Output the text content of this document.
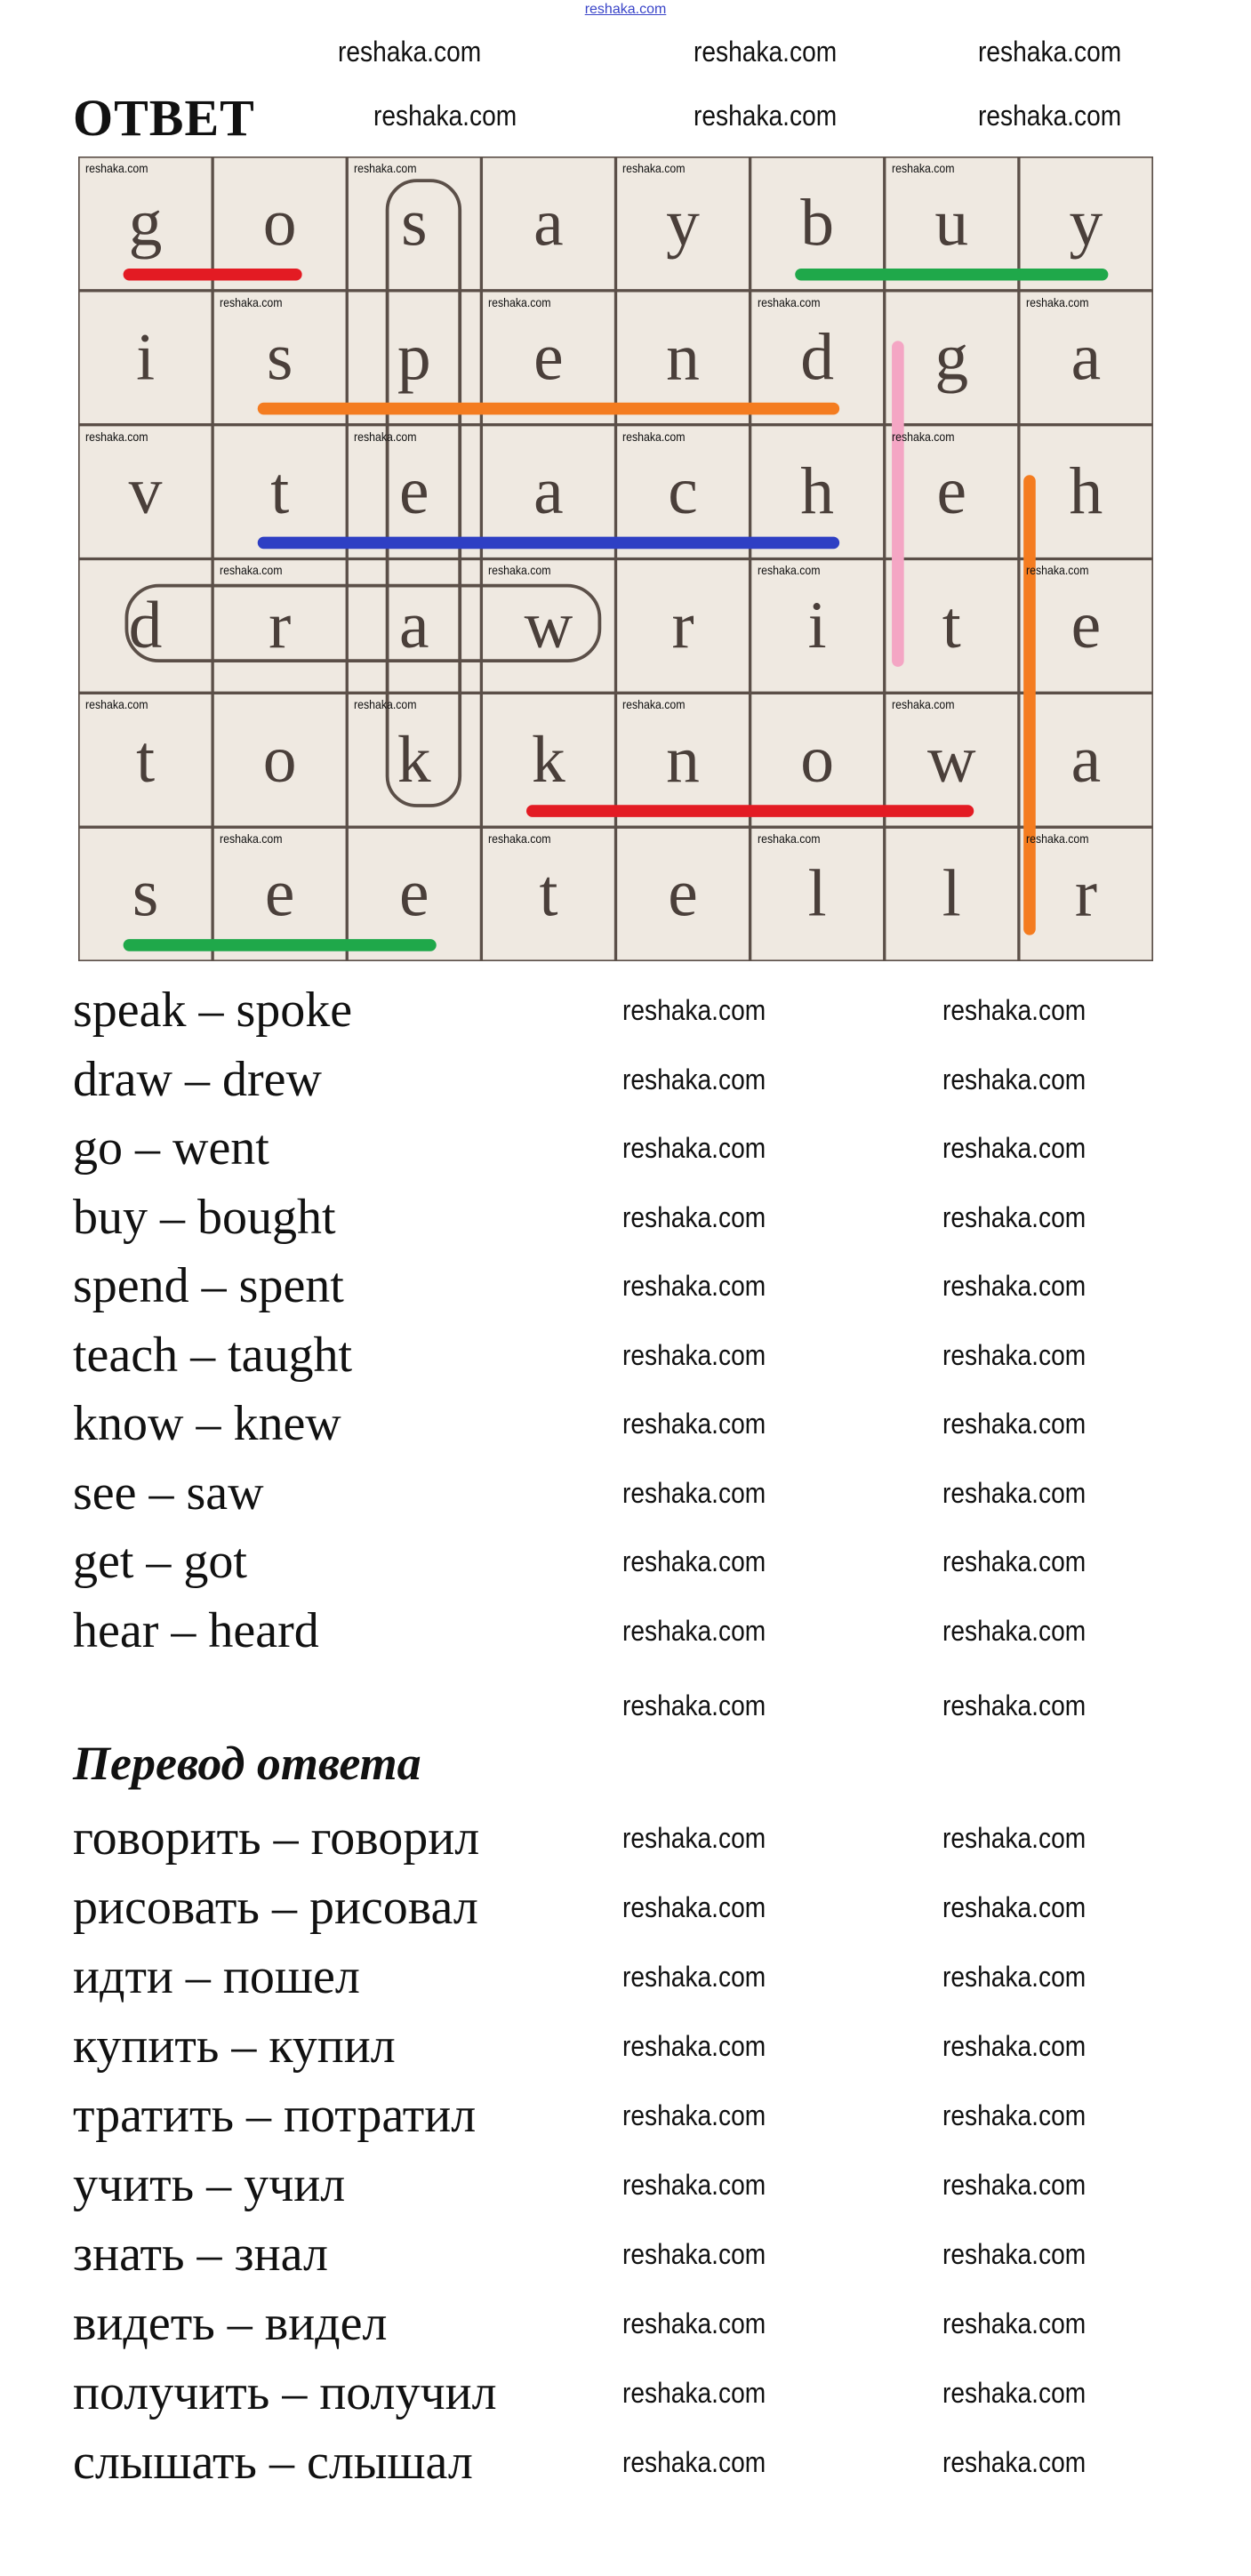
reshaka.com
ОТВЕТ
g o s a y b u y
i	s p e n d g a
v t e a c h e h
d r a w r	i	t e
t o k k n o w a
s e e t e l	l	r
speak – spoke
draw – drew
go – went
buy – bought
spend – spent
teach – taught
know – knew
see – saw
get – got
hear – heard
Перевод ответа
говорить – говорил
рисовать – рисовал
идти – пошел
купить – купил
тратить – потратил
учить – учил
знать – знал
видеть – видел
получить – получил
слышать – слышал
reshaka.com	reshaka.com	reshaka.com
reshaka.com	reshaka.com	reshaka.com
reshaka.com	reshaka.com	reshaka.com	reshaka.com
reshaka.com	reshaka.com	reshaka.com	reshaka.com
reshaka.com	reshaka.com	reshaka.com	reshaka.com
reshaka.com	reshaka.com	reshaka.com	reshaka.com
reshaka.com	reshaka.com	reshaka.com	reshaka.com
reshaka.com	reshaka.com	reshaka.com	reshaka.com
reshaka.com	reshaka.com
reshaka.com	reshaka.com
reshaka.com	reshaka.com
reshaka.com	reshaka.com
reshaka.com	reshaka.com
reshaka.com	reshaka.com
reshaka.com	reshaka.com
reshaka.com	reshaka.com
reshaka.com	reshaka.com
reshaka.com	reshaka.com
reshaka.com	reshaka.com
reshaka.com	reshaka.com
reshaka.com	reshaka.com
reshaka.com	reshaka.com
reshaka.com	reshaka.com
reshaka.com	reshaka.com
reshaka.com	reshaka.com
reshaka.com	reshaka.com
reshaka.com	reshaka.com
reshaka.com	reshaka.com
reshaka.com	reshaka.com
